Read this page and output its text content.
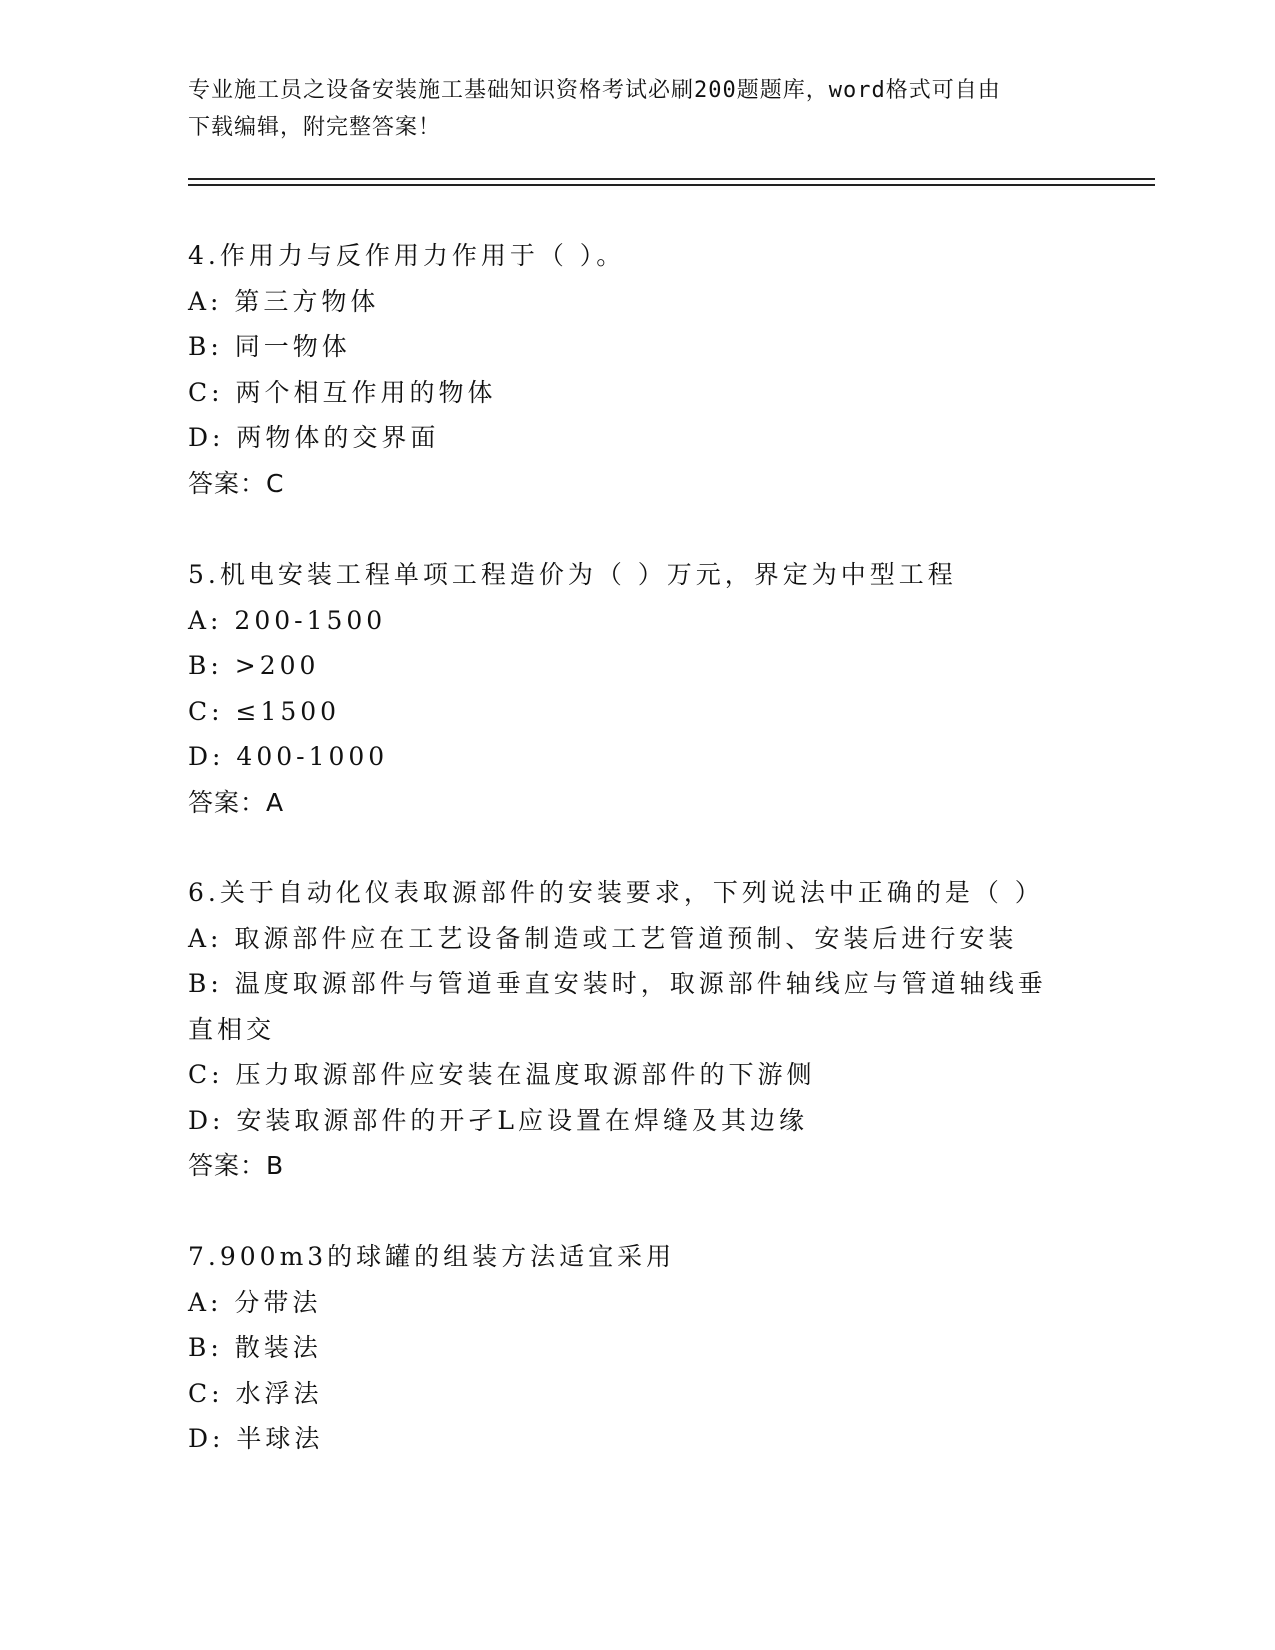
专业施工员之设备安装施工基础知识资格考试必刷200题题库，word格式可自由
下载编辑，附完整答案！
4.作用力与反作用力作用于（ ）。
A: 第三方物体
B: 同一物体
C: 两个相互作用的物体
D: 两物体的交界面
答案：C
5.机电安装工程单项工程造价为（ ）万元，界定为中型工程
A: 200-1500
B: >200
C: ≤1500
D: 400-1000
答案：A
6.关于自动化仪表取源部件的安装要求，下列说法中正确的是（ ）
A: 取源部件应在工艺设备制造或工艺管道预制、安装后进行安装
B: 温度取源部件与管道垂直安装时，取源部件轴线应与管道轴线垂直相交
C: 压力取源部件应安装在温度取源部件的下游侧
D: 安装取源部件的开孑L应设置在焊缝及其边缘
答案：B
7.900m3的球罐的组装方法适宜采用
A: 分带法
B: 散装法
C: 水浮法
D: 半球法
